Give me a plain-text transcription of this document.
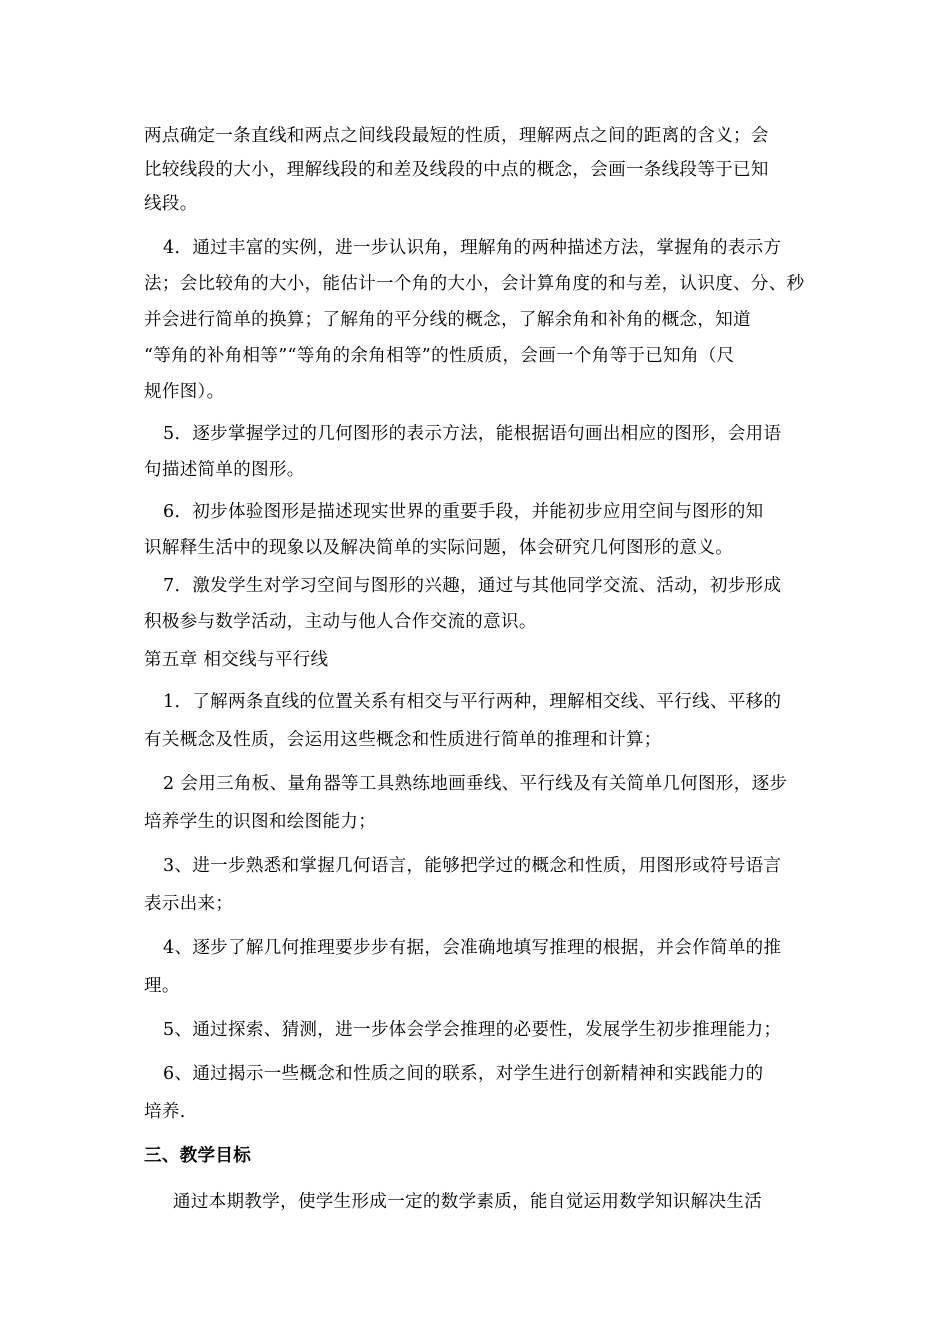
两点确定一条直线和两点之间线段最短的性质，理解两点之间的距离的含义；会
比较线段的大小，理解线段的和差及线段的中点的概念，会画一条线段等于已知
线段。
4．通过丰富的实例，进一步认识角，理解角的两种描述方法，掌握角的表示方
法；会比较角的大小，能估计一个角的大小，会计算角度的和与差，认识度、分、秒
并会进行简单的换算；了解角的平分线的概念，了解余角和补角的概念，知道
“等角的补角相等”“等角的余角相等”的性质质，会画一个角等于已知角（尺
规作图）。
5．逐步掌握学过的几何图形的表示方法，能根据语句画出相应的图形，会用语
句描述简单的图形。
6．初步体验图形是描述现实世界的重要手段，并能初步应用空间与图形的知
识解释生活中的现象以及解决简单的实际问题，体会研究几何图形的意义。
7．激发学生对学习空间与图形的兴趣，通过与其他同学交流、活动，初步形成
积极参与数学活动，主动与他人合作交流的意识。
第五章 相交线与平行线
1．了解两条直线的位置关系有相交与平行两种，理解相交线、平行线、平移的
有关概念及性质，会运用这些概念和性质进行简单的推理和计算；
2 会用三角板、量角器等工具熟练地画垂线、平行线及有关简单几何图形，逐步
培养学生的识图和绘图能力；
3、进一步熟悉和掌握几何语言，能够把学过的概念和性质，用图形或符号语言
表示出来；
4、逐步了解几何推理要步步有据，会准确地填写推理的根据，并会作简单的推
理。
5、通过探索、猜测，进一步体会学会推理的必要性，发展学生初步推理能力；
6、通过揭示一些概念和性质之间的联系，对学生进行创新精神和实践能力的
培养.
三、教学目标
通过本期教学，使学生形成一定的数学素质，能自觉运用数学知识解决生活
